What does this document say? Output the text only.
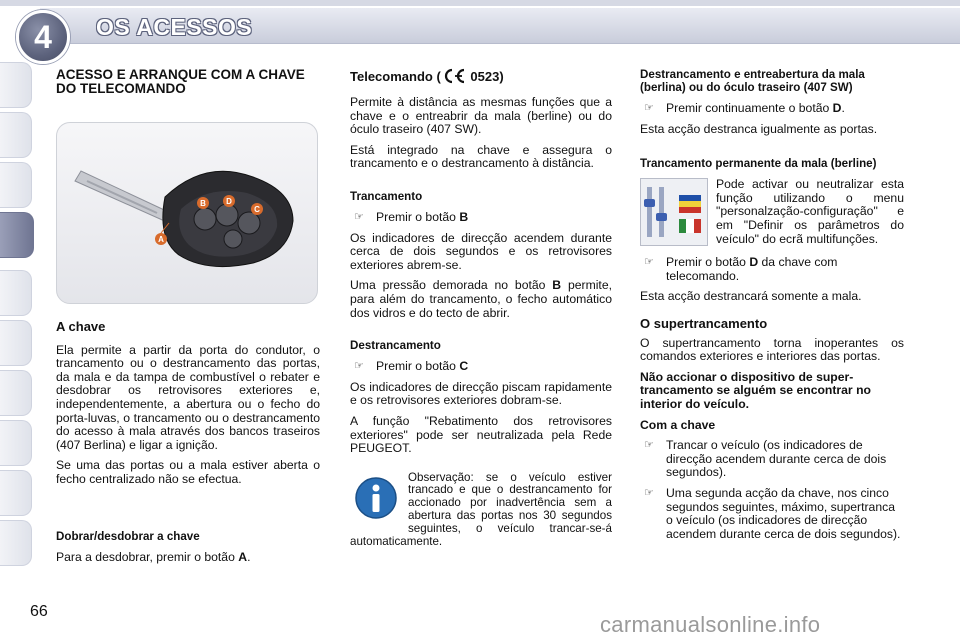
4 OS ACESSOS
ACESSO E ARRANQUE COM A CHAVE DO TELECOMANDO
A
B
C
D
A chave

Ela permite a partir da porta do condutor, o trancamento ou o destrancamento das portas, da mala e da tampa de combustível o rebater e desdobrar os retrovisores exteriores e, independentemente, a abertura ou o fecho do porta-luvas, o trancamento ou o destrancamento do acesso à mala através dos bancos traseiros (407 Berlina) e ligar a ignição.

Se uma das portas ou a mala estiver aberta o fecho centralizado não se efectua.

Dobrar/desdobrar a chave

Para a desdobrar, premir o botão A.

Telecomando ( 0523)

Permite à distância as mesmas funções que a chave e o entreabrir da mala (berline) ou do óculo traseiro (407 SW).

Está integrado na chave e assegura o trancamento e o destrancamento à distância.

Trancamento
☞ Premir o botão B

Os indicadores de direcção acendem durante cerca de dois segundos e os retrovisores exteriores abrem-se.

Uma pressão demorada no botão B permite, para além do trancamento, o fecho automático dos vidros e do tecto de abrir.

Destrancamento
☞ Premir o botão C

Os indicadores de direcção piscam rapidamente e os retrovisores exteriores dobram-se.

A função "Rebatimento dos retrovisores exteriores" pode ser neutralizada pela Rede PEUGEOT.

Observação: se o veículo estiver trancado e que o destrancamento for accionado por inadvertência sem a abertura das portas nos 30 segundos seguintes, o veículo trancar-se-á automaticamente.

Destrancamento e entreabertura da mala (berlina) ou do óculo traseiro (407 SW)
☞ Premir continuamente o botão D.

Esta acção destranca igualmente as portas.

Trancamento permanente da mala (berline)

Pode activar ou neutralizar esta função utilizando o menu "personalzação-configuração" e em "Definir os parâmetros do veículo" do ecrã multifunções.

☞ Premir o botão D da chave com telecomando.

Esta acção destrancará somente a mala.

O supertrancamento

O supertrancamento torna inoperantes os comandos exteriores e interiores das portas.

Não accionar o dispositivo de super-trancamento se alguém se encontrar no interior do veículo.

Com a chave

☞ Trancar o veículo (os indicadores de direcção acendem durante cerca de dois segundos).
☞ Uma segunda acção da chave, nos cinco segundos seguintes, máximo, supertranca o veículo (os indicadores de direcção acendem durante cerca de dois segundos).
66
carmanualsonline.info
